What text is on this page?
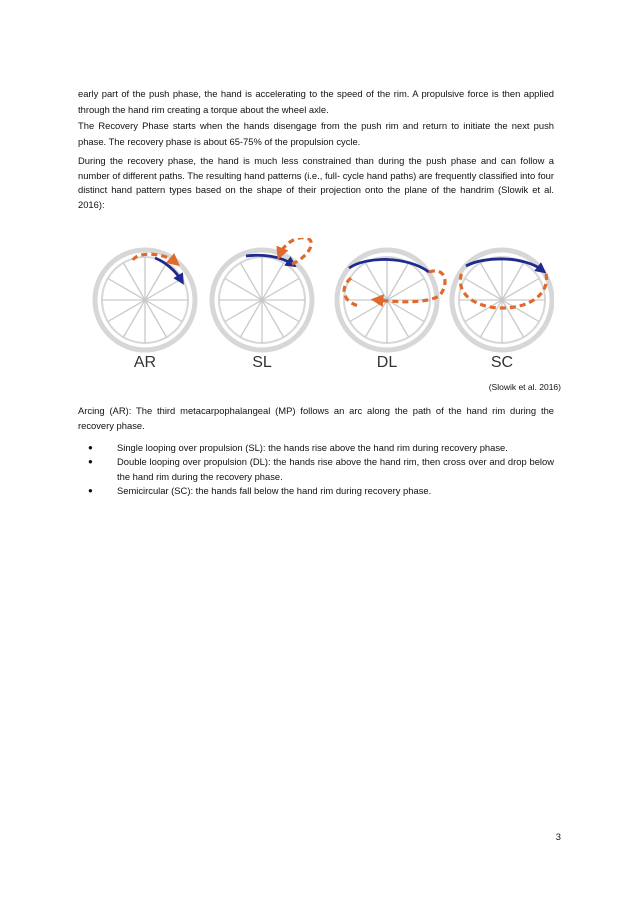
early part of the push phase, the hand is accelerating to the speed of the rim. A propulsive force is then applied through the hand rim creating a torque about the wheel axle.
The Recovery Phase starts when the hands disengage from the push rim and return to initiate the next push phase. The recovery phase is about 65-75% of the propulsion cycle.
During the recovery phase, the hand is much less constrained than during the push phase and can follow a number of different paths. The resulting hand patterns (i.e., full- cycle hand paths) are frequently classified into four distinct hand pattern types based on the shape of their projection onto the plane of the handrim (Slowik et al. 2016):
AR	SL	DL	SC
(Slowik et al. 2016)
Arcing (AR): The third metacarpophalangeal (MP) follows an arc along the path of the hand rim during the recovery phase.
●	Single looping over propulsion (SL): the hands rise above the hand rim during recovery phase.
●	Double looping over propulsion (DL): the hands rise above the hand rim, then cross over and drop below the hand rim during the recovery phase.
●	Semicircular (SC): the hands fall below the hand rim during recovery phase.
3
